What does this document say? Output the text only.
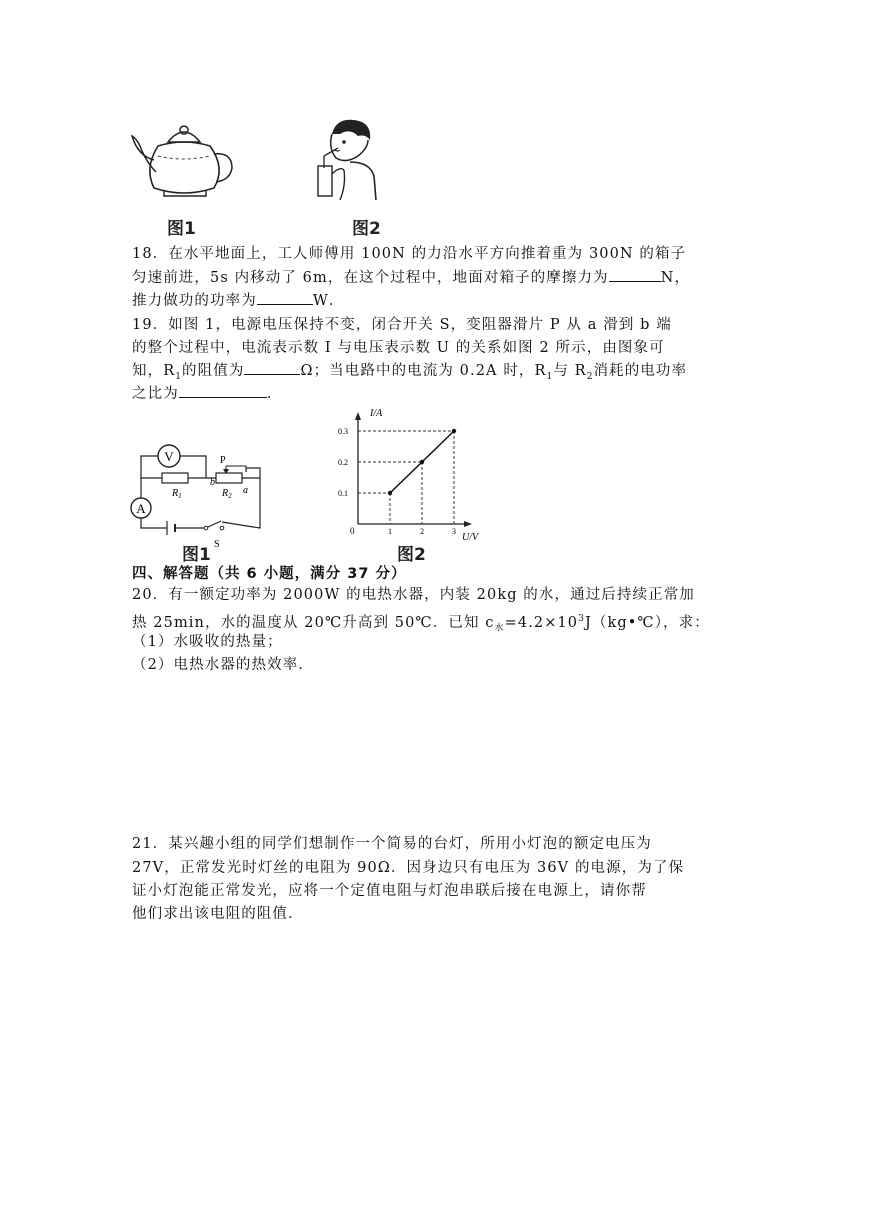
图1	图2
18．在水平地面上，工人师傅用 100N 的力沿水平方向推着重为 300N 的箱子
匀速前进，5s 内移动了 6m，在这个过程中，地面对箱子的摩擦力为	N，
推力做功的功率为	W．
19．如图 1，电源电压保持不变，闭合开关 S，变阻器滑片 P 从 a 滑到 b 端
的整个过程中，电流表示数 I 与电压表示数 U 的关系如图 2 所示，由图象可
知，$R_1$的阻值为	Ω；当电路中的电流为 0.2A 时，$R_1$与 $R_2$消耗的电功率
之比为	．
V
A
$R_1$	$R_2$
P
b
a
S
图1
I/A
U/V
0	1	2	3
0.1
0.2
0.3
图2
四、解答题（共 6 小题，满分 37 分）
20．有一额定功率为 2000W 的电热水器，内装 20kg 的水，通过后持续正常加
热 25min，水的温度从 20℃升高到 50℃．已知 $c_水=4.2\times 10^3J(kg•℃)$，求：
（1）水吸收的热量；
（2）电热水器的热效率．
21．某兴趣小组的同学们想制作一个简易的台灯，所用小灯泡的额定电压为
27V，正常发光时灯丝的电阻为 90Ω．因身边只有电压为 36V 的电源，为了保
证小灯泡能正常发光，应将一个定值电阻与灯泡串联后接在电源上，请你帮
他们求出该电阻的阻值．
